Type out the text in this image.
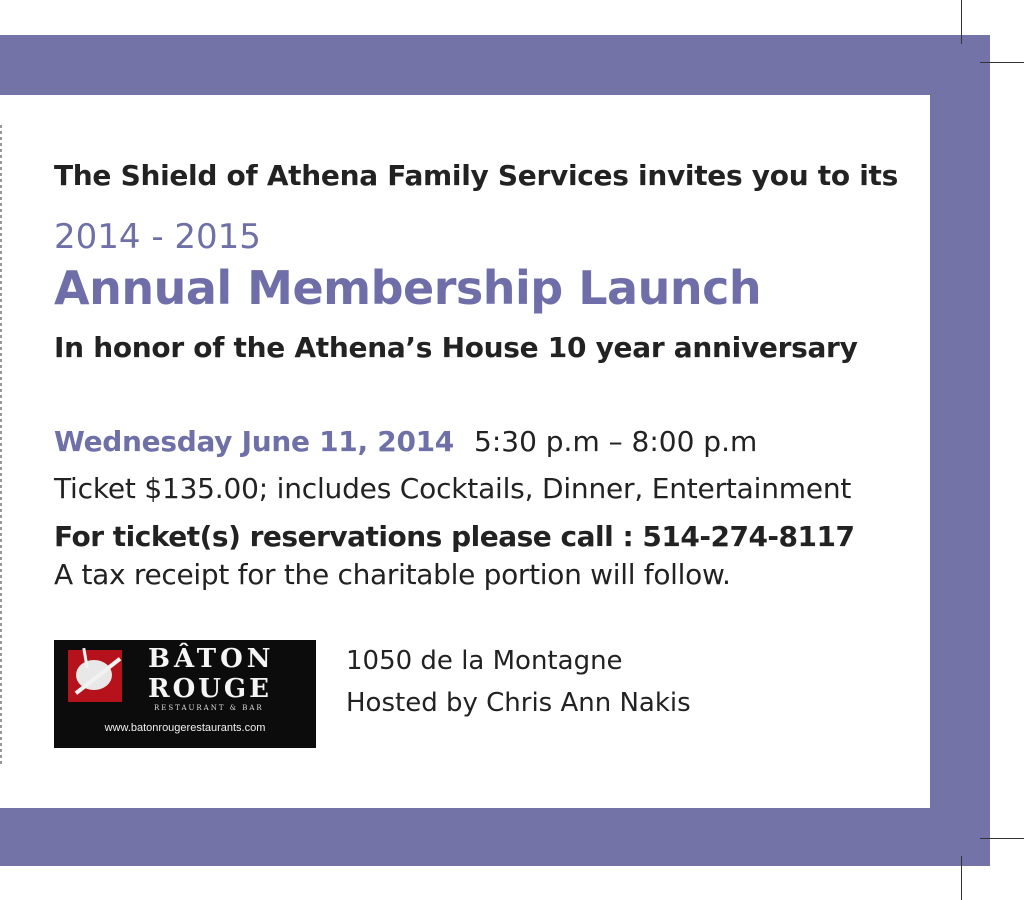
The Shield of Athena Family Services invites you to its
2014 - 2015
Annual Membership Launch
In honor of the Athena’s House 10 year anniversary
Wednesday June 11, 2014 5:30 p.m – 8:00 p.m
Ticket $135.00; includes Cocktails, Dinner, Entertainment
For ticket(s) reservations please call : 514-274-8117
A tax receipt for the charitable portion will follow.
BÂTON
ROUGE
RESTAURANT & BAR
www.batonrougerestaurants.com
1050 de la Montagne
Hosted by Chris Ann Nakis
